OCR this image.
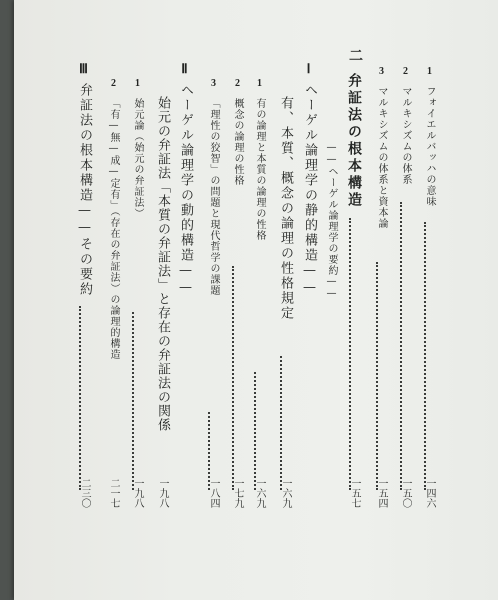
1フォイエルバッハの意味
一四六
2マルキシズムの体系
一五〇
3マルキシズムの体系と資本論
一五四
二弁証法の根本構造
一五七
——ヘーゲル論理学の要約——
Ⅰヘーゲル論理学の静的構造——
有、本質、概念の論理の性格規定
一六九
1有の論理と本質の論理の性格
一六九
2概念の論理の性格
一七九
3「理性の狡智」の問題と現代哲学の課題
一八四
Ⅱヘーゲル論理学の動的構造——
始元の弁証法「本質の弁証法」と存在の弁証法の関係
一九八
1始元論（始元の弁証法）
一九八
2「有—無—成—定有」（存在の弁証法）の論理的構造
二一七
Ⅲ弁証法の根本構造——その要約
二三〇
